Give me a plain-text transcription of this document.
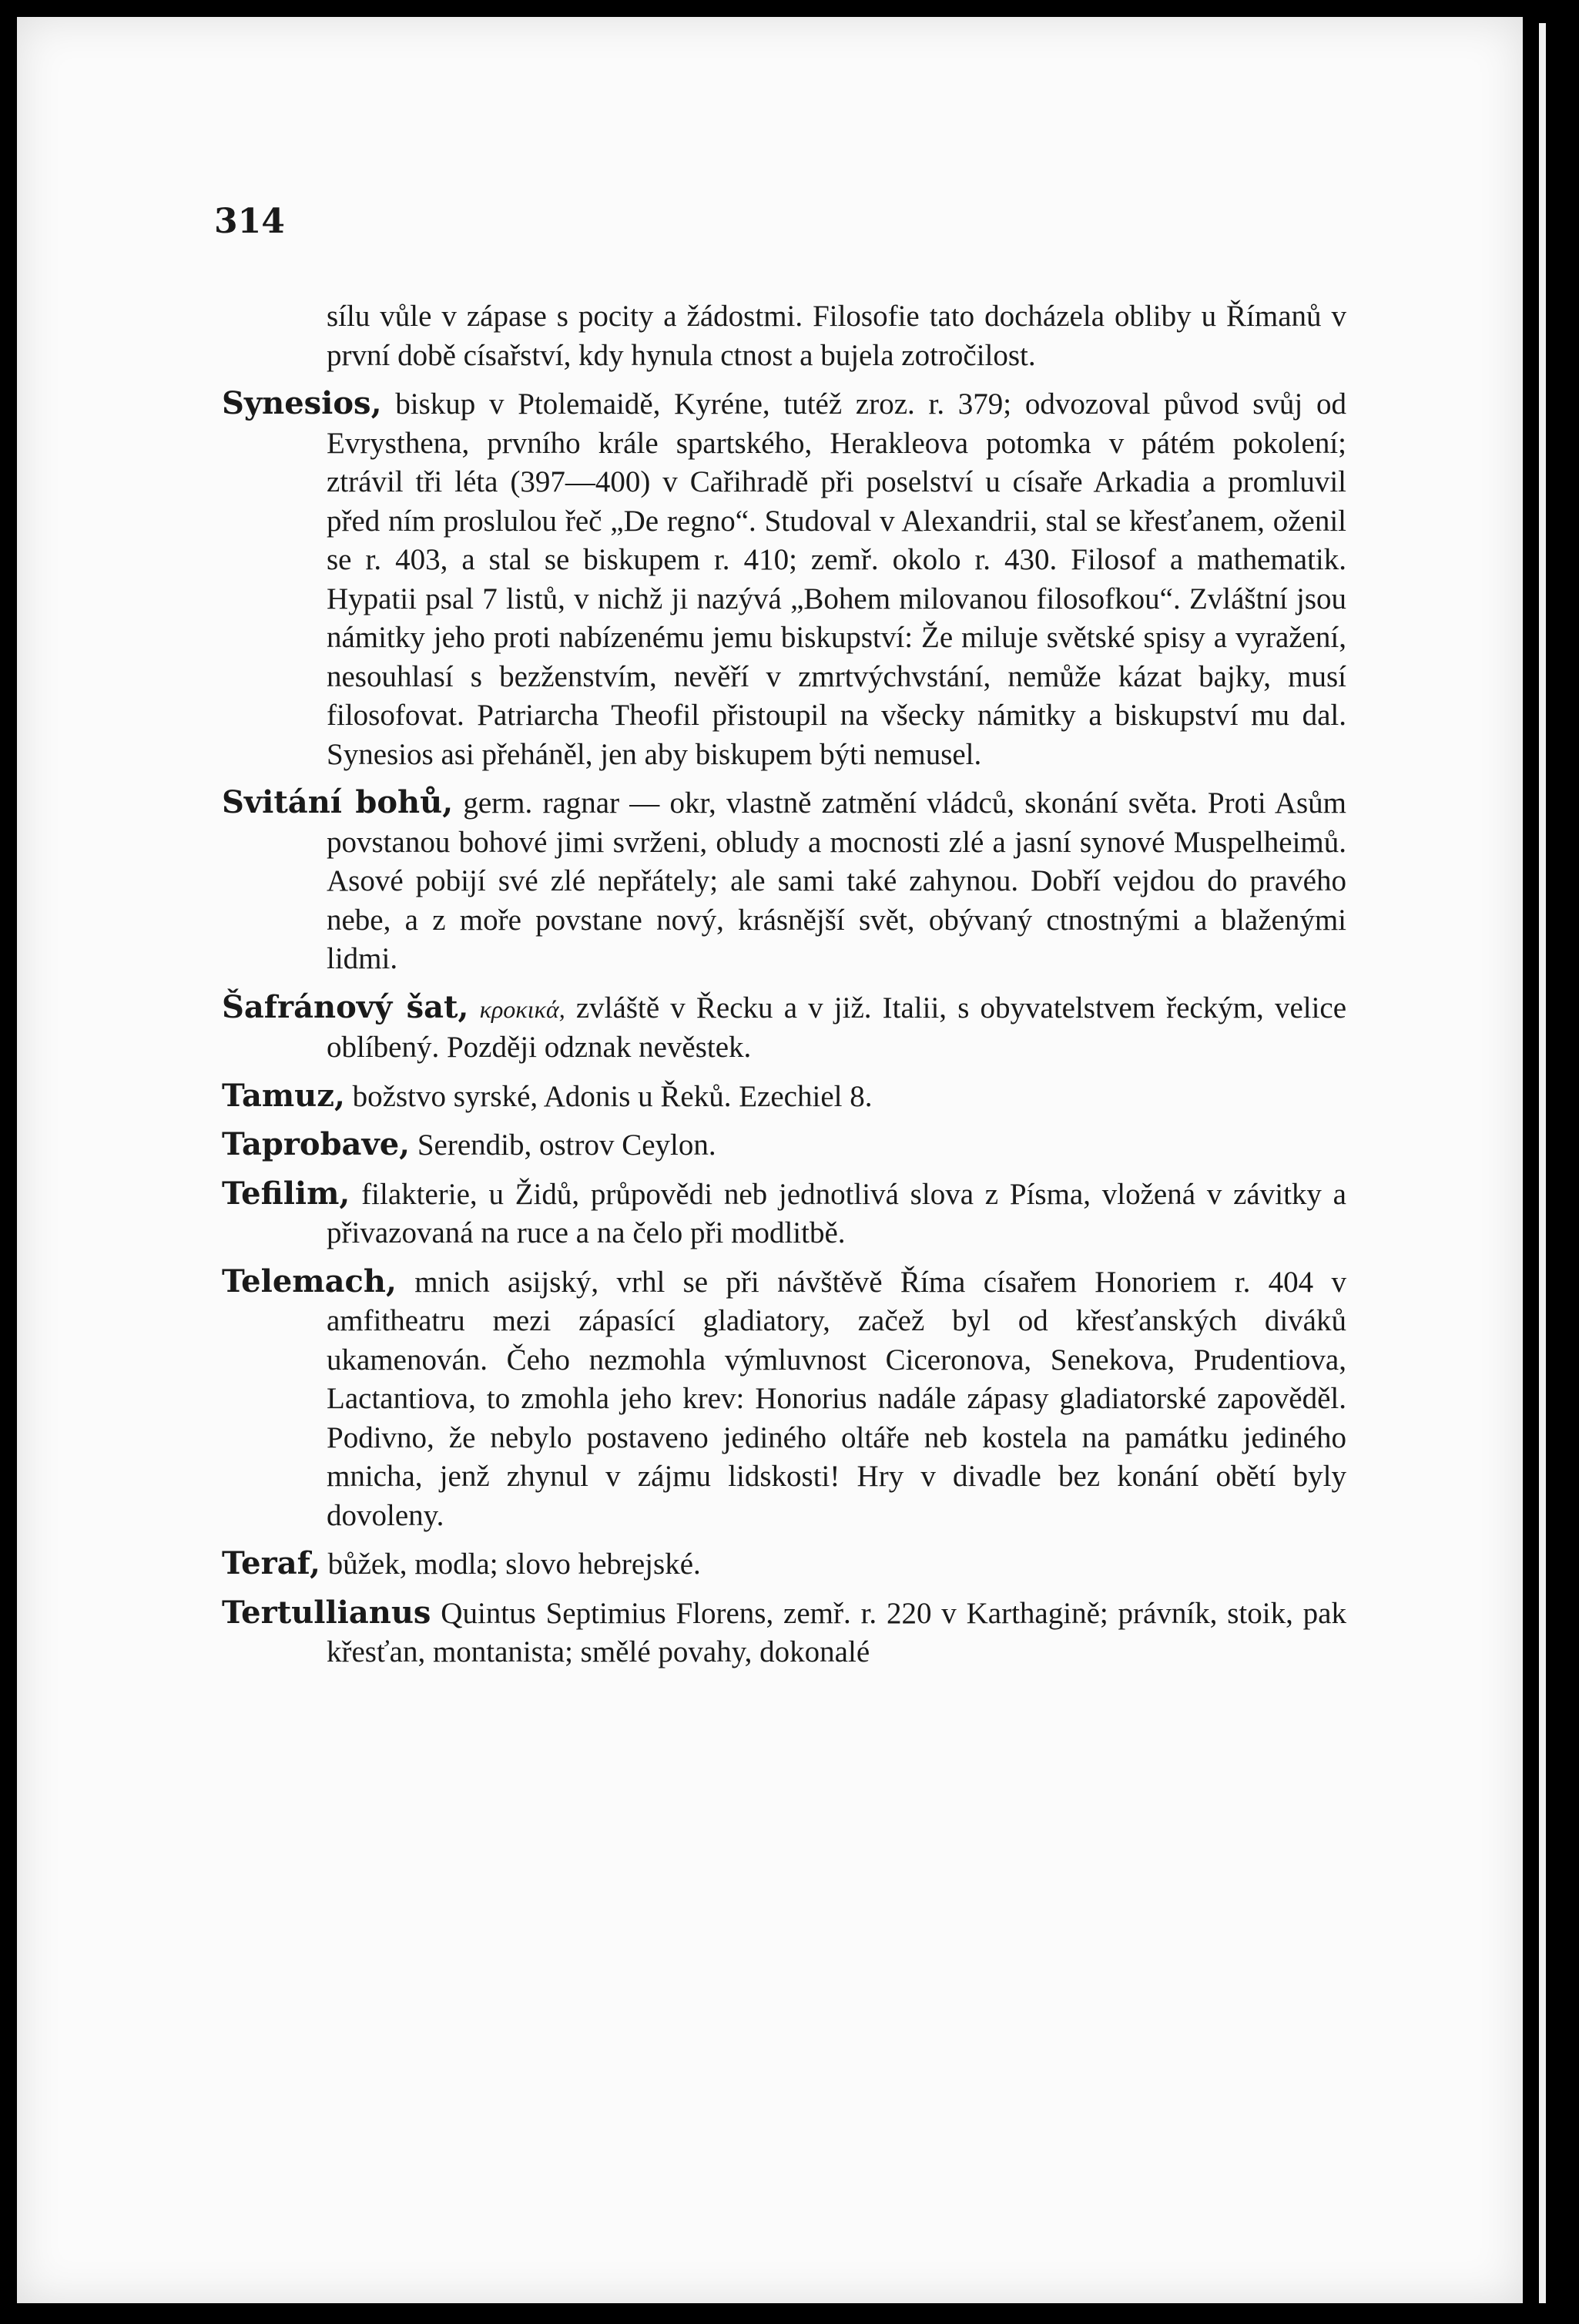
314

sílu vůle v zápase s pocity a žádostmi. Filosofie tato docházela obliby u Římanů v první době císařství, kdy hynula ctnost a bujela zotročilost.

Synesios, biskup v Ptolemaidě, Kyréne, tutéž zroz. r. 379; odvozoval původ svůj od Evrysthena, prvního krále spartského, Herakleova potomka v pátém pokolení; ztrávil tři léta (397—400) v Cařihradě při poselství u císaře Arkadia a promluvil před ním proslulou řeč „De regno“. Studoval v Alexandrii, stal se křesťanem, oženil se r. 403, a stal se biskupem r. 410; zemř. okolo r. 430. Filosof a mathematik. Hypatii psal 7 listů, v nichž ji nazývá „Bohem milovanou filosofkou“. Zvláštní jsou námitky jeho proti nabízenému jemu biskupství: Že miluje světské spisy a vyražení, nesouhlasí s bezženstvím, nevěří v zmrtvýchvstání, nemůže kázat bajky, musí filosofovat. Patriarcha Theofil přistoupil na všecky námitky a biskupství mu dal. Synesios asi přeháněl, jen aby biskupem býti nemusel.

Svitání bohů, germ. ragnar — okr, vlastně zatmění vládců, skonání světa. Proti Asům povstanou bohové jimi svrženi, obludy a mocnosti zlé a jasní synové Muspelheimů. Asové pobijí své zlé nepřátely; ale sami také zahynou. Dobří vejdou do pravého nebe, a z moře povstane nový, krásnější svět, obývaný ctnostnými a blaženými lidmi.

Šafránový šat, κροκικά, zvláště v Řecku a v již. Italii, s obyvatelstvem řeckým, velice oblíbený. Později odznak nevěstek.

Tamuz, božstvo syrské, Adonis u Řeků. Ezechiel 8.

Taprobave, Serendib, ostrov Ceylon.

Tefilim, filakterie, u Židů, průpovědi neb jednotlivá slova z Písma, vložená v závitky a přivazovaná na ruce a na čelo při modlitbě.

Telemach, mnich asijský, vrhl se při návštěvě Říma císařem Honoriem r. 404 v amfitheatru mezi zápasící gladiatory, začež byl od křesťanských diváků ukamenován. Čeho nezmohla výmluvnost Ciceronova, Senekova, Prudentiova, Lactantiova, to zmohla jeho krev: Honorius nadále zápasy gladiatorské zapověděl. Podivno, že nebylo postaveno jediného oltáře neb kostela na památku jediného mnicha, jenž zhynul v zájmu lidskosti! Hry v divadle bez konání obětí byly dovoleny.

Teraf, bůžek, modla; slovo hebrejské.

Tertullianus Quintus Septimius Florens, zemř. r. 220 v Karthagině; právník, stoik, pak křesťan, montanista; smělé povahy, dokonalé
